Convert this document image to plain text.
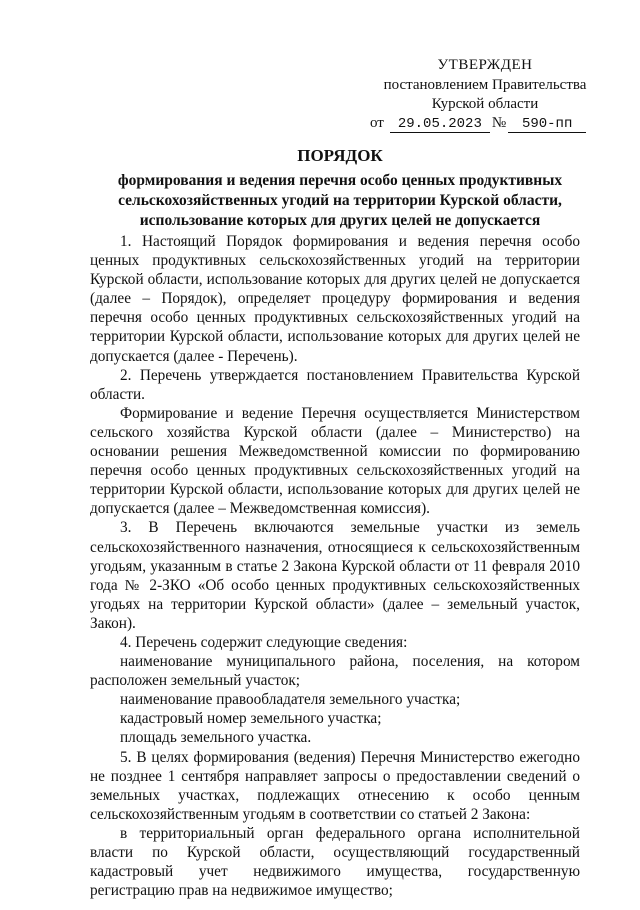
УТВЕРЖДЕН
постановлением Правительства
Курской области
от 29.05.2023 №	590-пп
ПОРЯДОК
формирования и ведения перечня особо ценных продуктивных
сельскохозяйственных угодий на территории Курской области,
использование которых для других целей не допускается

1. Настоящий Порядок формирования и ведения перечня особо ценных продуктивных сельскохозяйственных угодий на территории Курской области, использование которых для других целей не допускается (далее – Порядок), определяет процедуру формирования и ведения перечня особо ценных продуктивных сельскохозяйственных угодий на территории Курской области, использование которых для других целей не допускается (далее - Перечень).

2. Перечень утверждается постановлением Правительства Курской области.

Формирование и ведение Перечня осуществляется Министерством сельского хозяйства Курской области (далее – Министерство) на основании решения Межведомственной комиссии по формированию перечня особо ценных продуктивных сельскохозяйственных угодий на территории Курской области, использование которых для других целей не допускается (далее – Межведомственная комиссия).

3. В Перечень включаются земельные участки из земель сельскохозяйственного назначения, относящиеся к сельскохозяйственным угодьям, указанным в статье 2 Закона Курской области от 11 февраля 2010 года № 2-ЗКО «Об особо ценных продуктивных сельскохозяйственных угодьях на территории Курской области» (далее – земельный участок, Закон).

4. Перечень содержит следующие сведения:

наименование муниципального района, поселения, на котором расположен земельный участок;

наименование правообладателя земельного участка;

кадастровый номер земельного участка;

площадь земельного участка.

5. В целях формирования (ведения) Перечня Министерство ежегодно не позднее 1 сентября направляет запросы о предоставлении сведений о земельных участках, подлежащих отнесению к особо ценным сельскохозяйственным угодьям в соответствии со статьей 2 Закона:

в территориальный орган федерального органа исполнительной власти по Курской области, осуществляющий государственный кадастровый учет недвижимого имущества, государственную регистрацию прав на недвижимое имущество;
